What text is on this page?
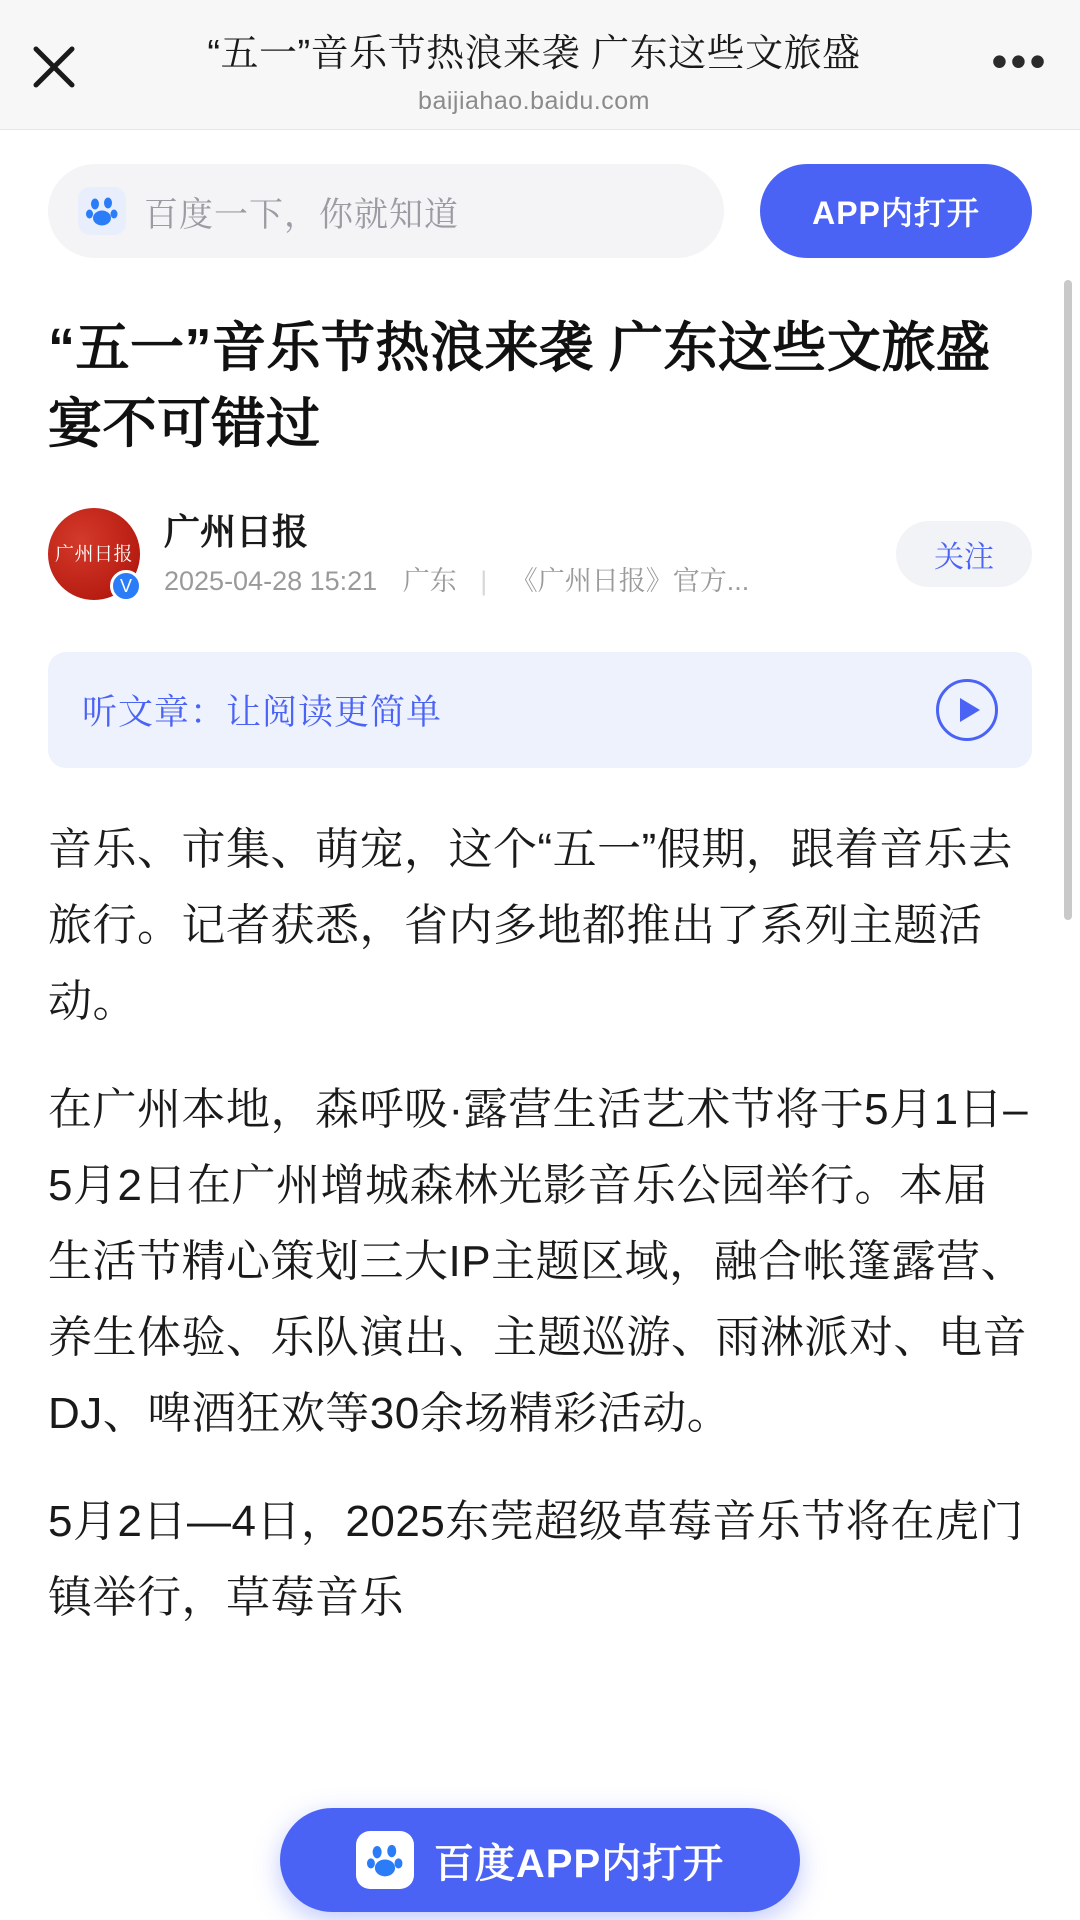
“五一”音乐节热浪来袭 广东这些文旅盛
baijiahao.baidu.com
•••
百度一下，你就知道	APP内打开
“五一”音乐节热浪来袭 广东这些文旅盛宴不可错过
广州日报
V
广州日报
2025-04-28 15:21 广东 | 《广州日报》官方...
关注
听文章：让阅读更简单

音乐、市集、萌宠，这个“五一”假期，跟着音乐去旅行。记者获悉，省内多地都推出了系列主题活动。

在广州本地，森呼吸·露营生活艺术节将于5月1日–5月2日在广州增城森林光影音乐公园举行。本届生活节精心策划三大IP主题区域，融合帐篷露营、养生体验、乐队演出、主题巡游、雨淋派对、电音DJ、啤酒狂欢等30余场精彩活动。

5月2日—4日，2025东莞超级草莓音乐节将在虎门镇举行，草莓音乐

百度APP内打开
